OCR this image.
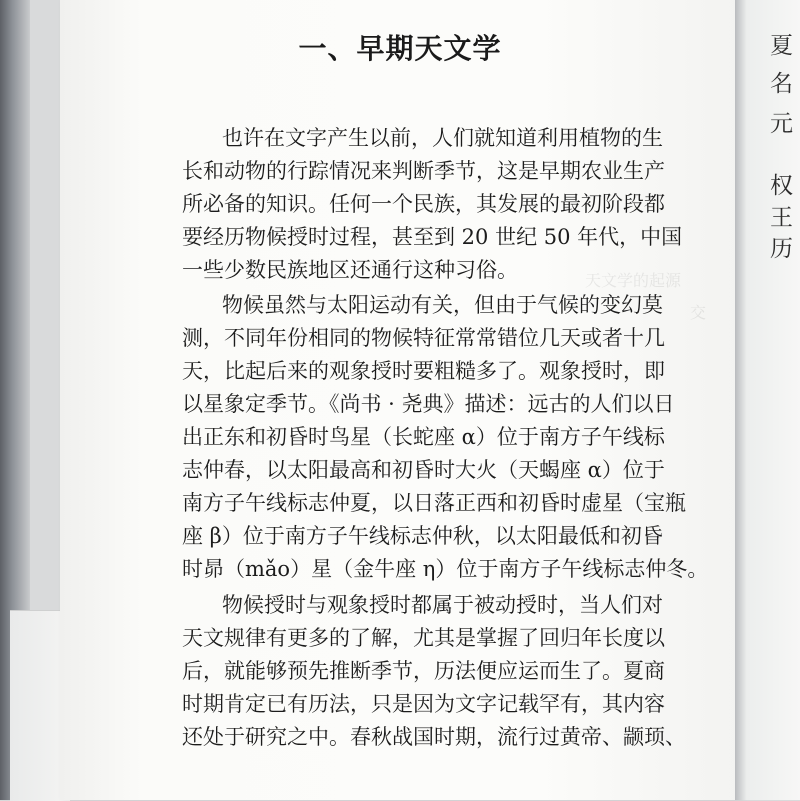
夏
名
元
权
王
历
天文学的起源
交
一、早期天文学
也许在文字产生以前，人们就知道利用植物的生
长和动物的行踪情况来判断季节，这是早期农业生产
所必备的知识。任何一个民族，其发展的最初阶段都
要经历物候授时过程，甚至到 20 世纪 50 年代，中国
一些少数民族地区还通行这种习俗。
物候虽然与太阳运动有关，但由于气候的变幻莫
测，不同年份相同的物候特征常常错位几天或者十几
天，比起后来的观象授时要粗糙多了。观象授时，即
以星象定季节。《尚书 · 尧典》描述：远古的人们以日
出正东和初昏时鸟星（长蛇座 α）位于南方子午线标
志仲春，以太阳最高和初昏时大火（天蝎座 α）位于
南方子午线标志仲夏，以日落正西和初昏时虚星（宝瓶
座 β）位于南方子午线标志仲秋，以太阳最低和初昏
时昴（mǎo）星（金牛座 η）位于南方子午线标志仲冬。
物候授时与观象授时都属于被动授时，当人们对
天文规律有更多的了解，尤其是掌握了回归年长度以
后，就能够预先推断季节，历法便应运而生了。夏商
时期肯定已有历法，只是因为文字记载罕有，其内容
还处于研究之中。春秋战国时期，流行过黄帝、颛顼、
